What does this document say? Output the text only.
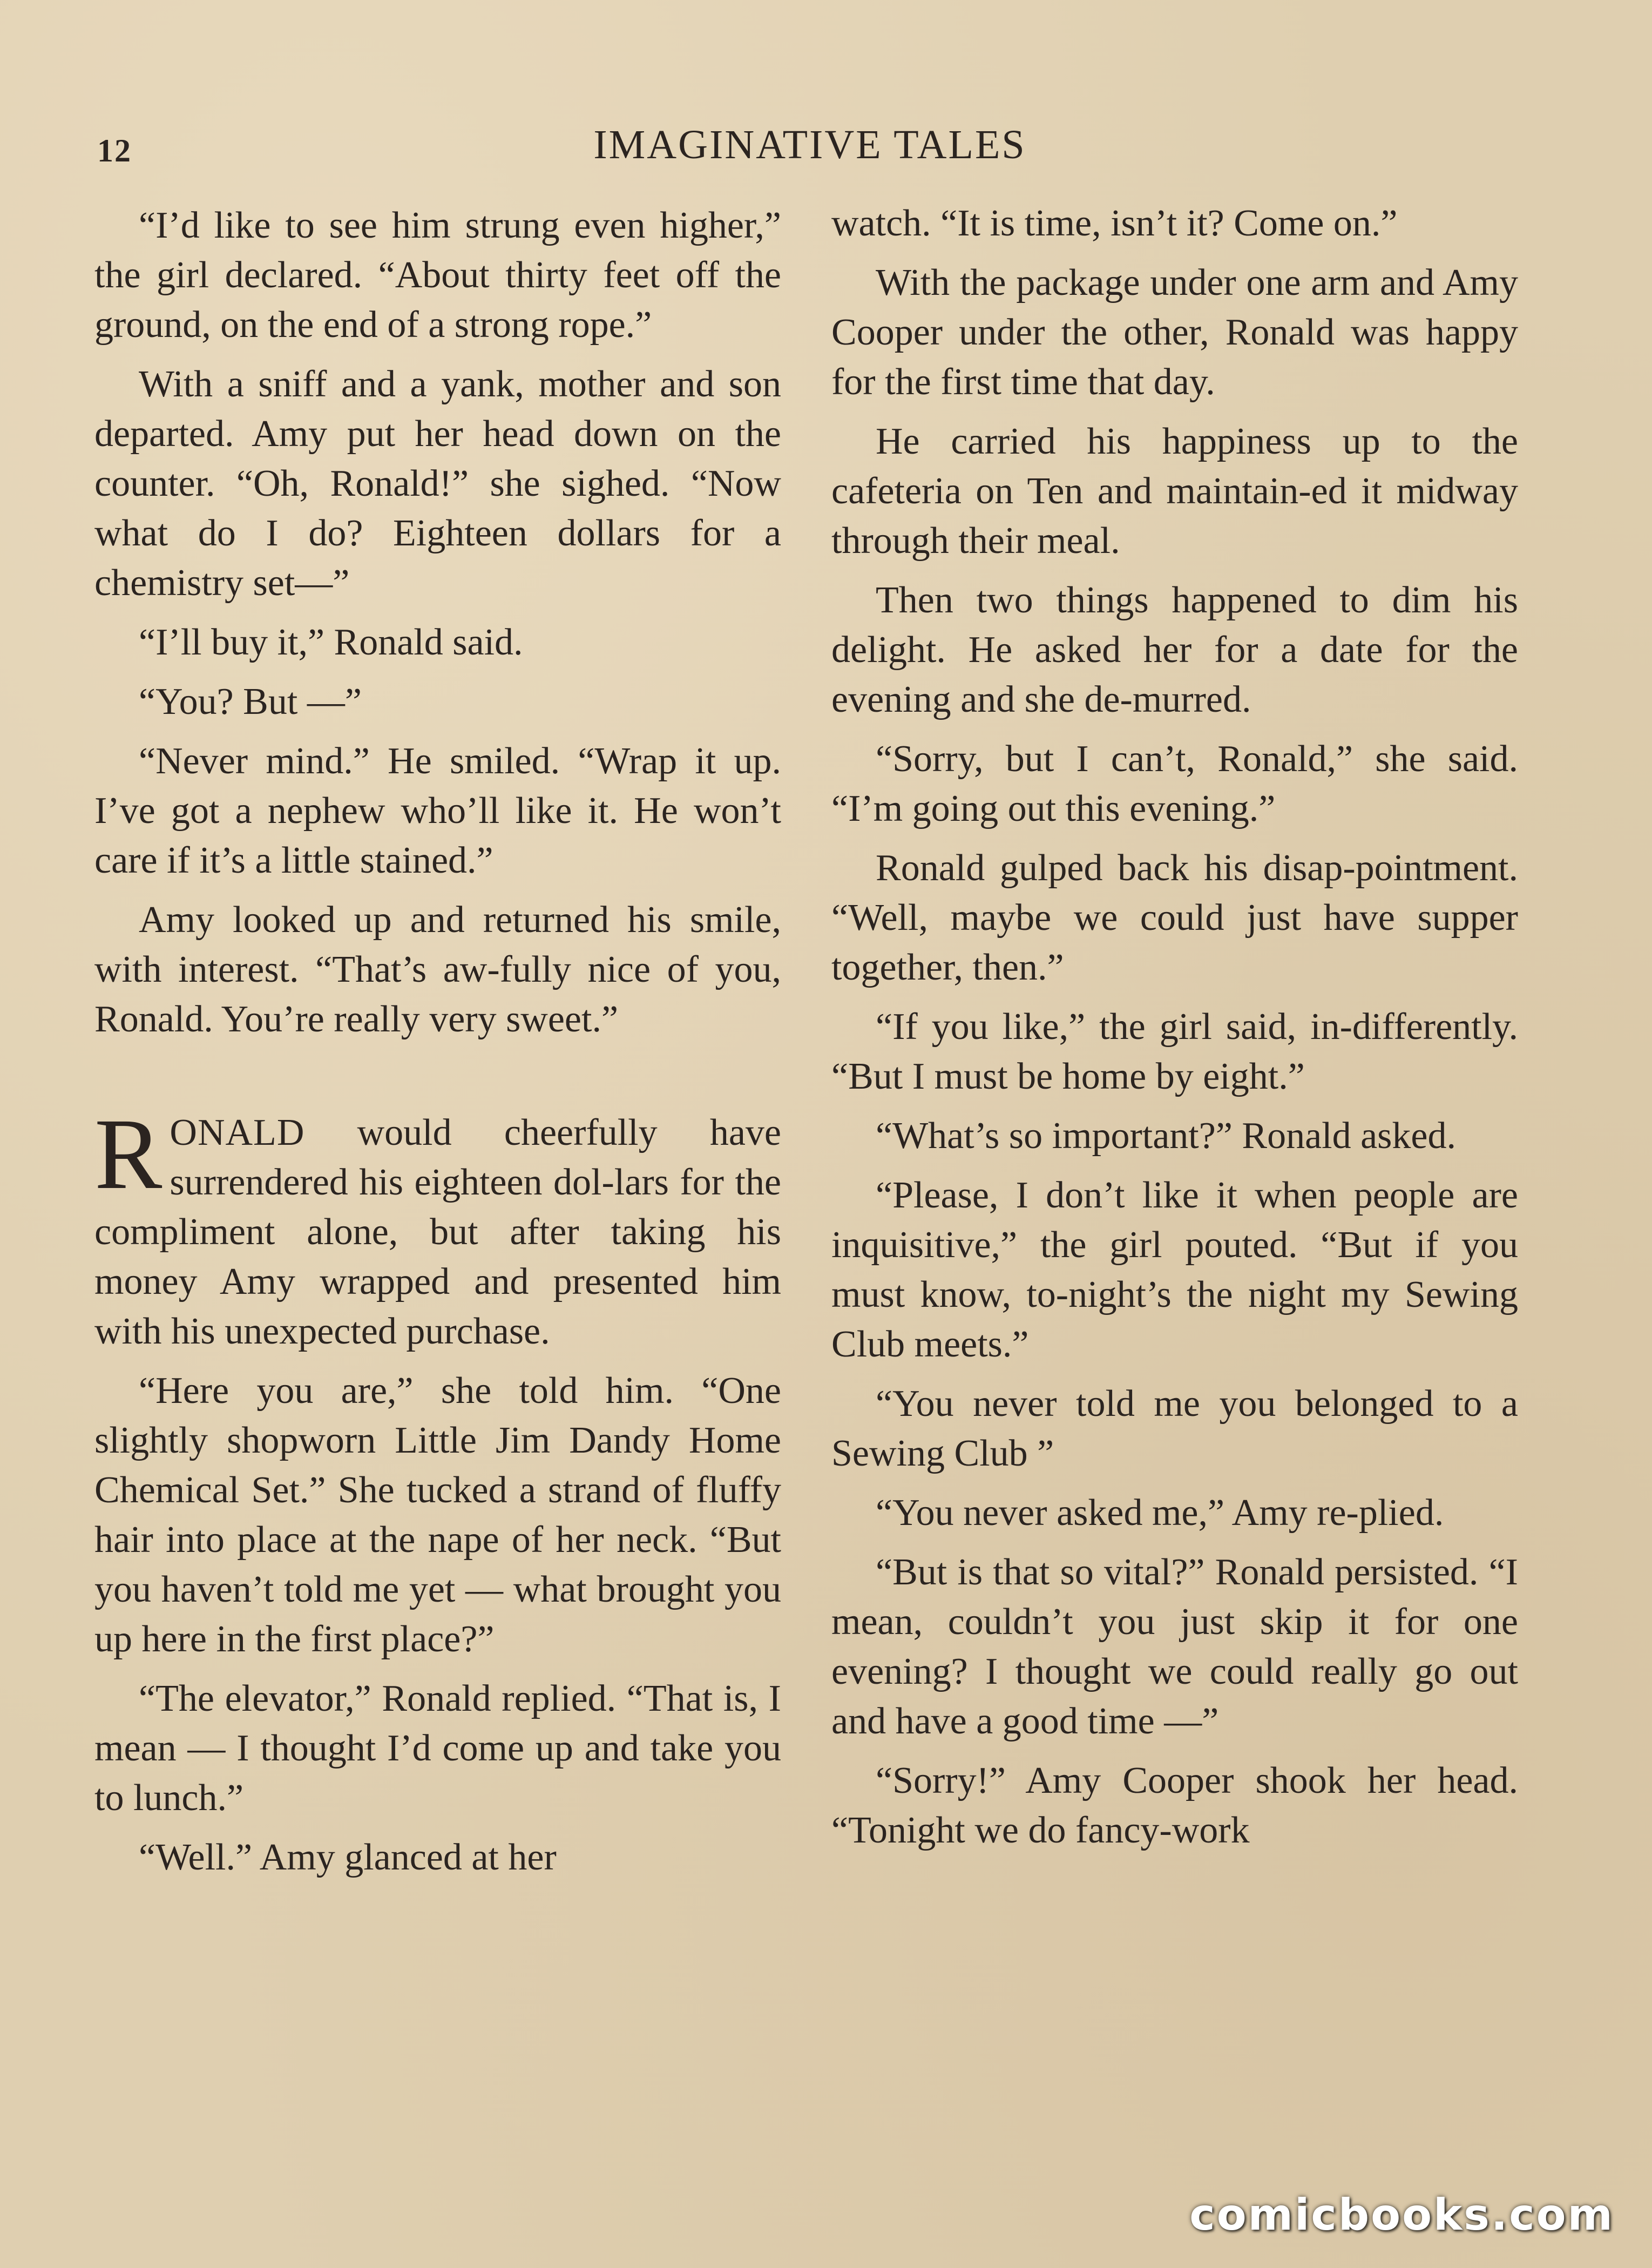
12	IMAGINATIVE TALES

“I’d like to see him strung even higher,” the girl declared. “About thirty feet off the ground, on the end of a strong rope.”

With a sniff and a yank, mother and son departed. Amy put her head down on the counter. “Oh, Ronald!” she sighed. “Now what do I do? Eighteen dollars for a chemistry set—”

“I’ll buy it,” Ronald said.

“You? But —”

“Never mind.” He smiled. “Wrap it up. I’ve got a nephew who’ll like it. He won’t care if it’s a little stained.”

Amy looked up and returned his smile, with interest. “That’s aw-fully nice of you, Ronald. You’re really very sweet.”

RONALD would cheerfully have surrendered his eighteen dol-lars for the compliment alone, but after taking his money Amy wrapped and presented him with his unexpected purchase.

“Here you are,” she told him. “One slightly shopworn Little Jim Dandy Home Chemical Set.” She tucked a strand of fluffy hair into place at the nape of her neck. “But you haven’t told me yet — what brought you up here in the first place?”

“The elevator,” Ronald replied. “That is, I mean — I thought I’d come up and take you to lunch.”

“Well.” Amy glanced at her

watch. “It is time, isn’t it? Come on.”

With the package under one arm and Amy Cooper under the other, Ronald was happy for the first time that day.

He carried his happiness up to the cafeteria on Ten and maintain-ed it midway through their meal.

Then two things happened to dim his delight. He asked her for a date for the evening and she de-murred.

“Sorry, but I can’t, Ronald,” she said. “I’m going out this evening.”

Ronald gulped back his disap-pointment. “Well, maybe we could just have supper together, then.”

“If you like,” the girl said, in-differently. “But I must be home by eight.”

“What’s so important?” Ronald asked.

“Please, I don’t like it when people are inquisitive,” the girl pouted. “But if you must know, to-night’s the night my Sewing Club meets.”

“You never told me you belonged to a Sewing Club ”

“You never asked me,” Amy re-plied.

“But is that so vital?” Ronald persisted. “I mean, couldn’t you just skip it for one evening? I thought we could really go out and have a good time —”

“Sorry!” Amy Cooper shook her head. “Tonight we do fancy-work

comicbooks.com
